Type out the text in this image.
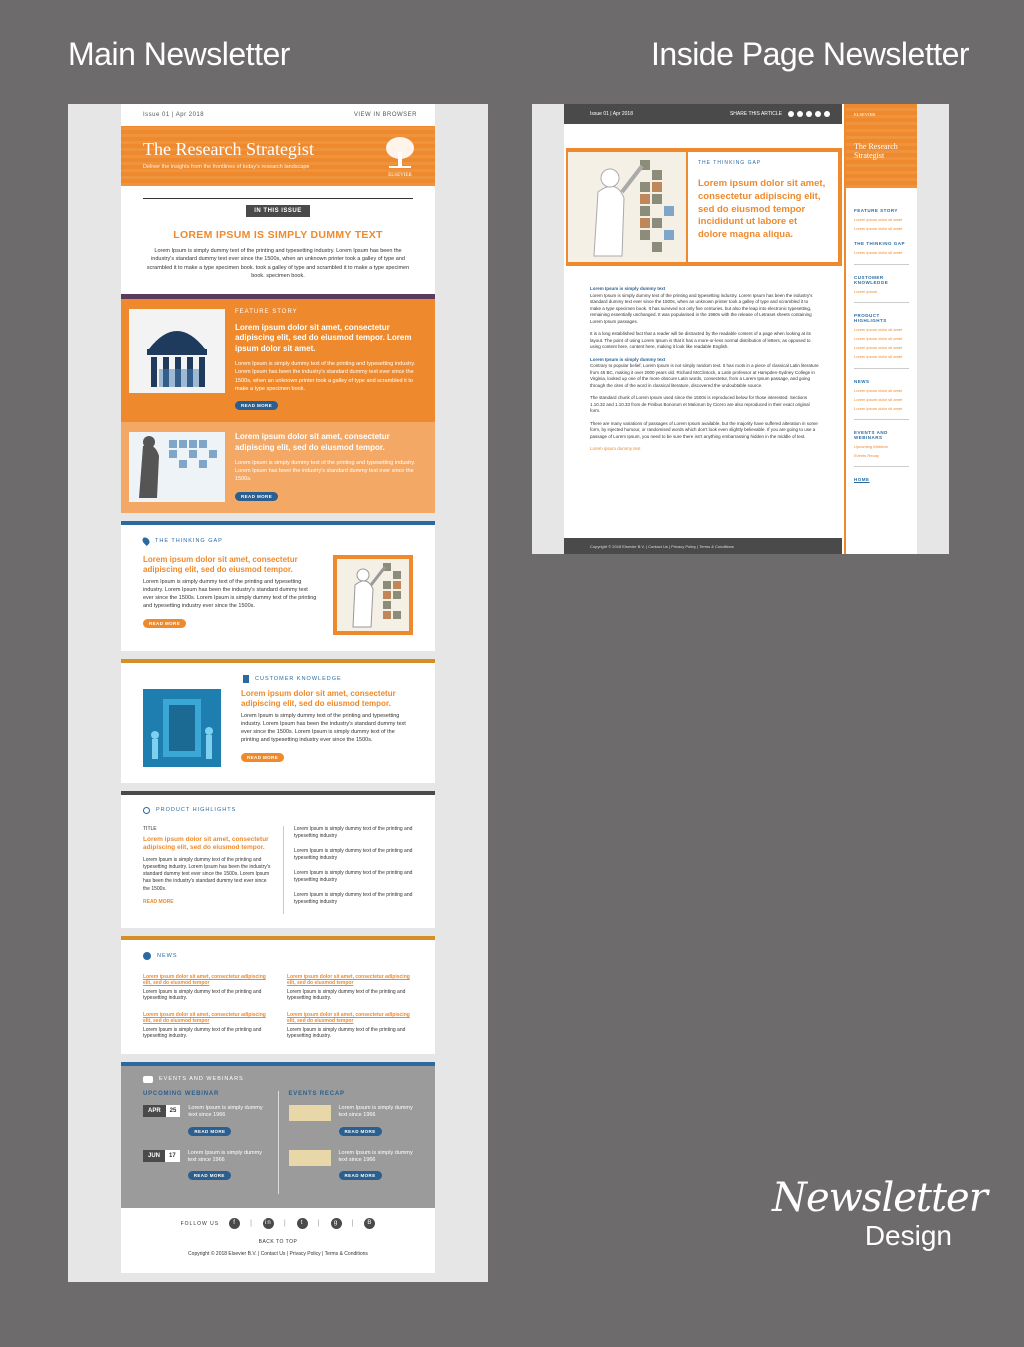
Main Newsletter	Inside Page Newsletter
Issue 01 | Apr 2018	VIEW IN BROWSER
The Research Strategist
Deliver the insights from the frontlines of today's research landscape
ELSEVIER
IN THIS ISSUE
LOREM IPSUM IS SIMPLY DUMMY TEXT

Lorem Ipsum is simply dummy text of the printing and typesetting industry. Lorem Ipsum has been the industry's standard dummy text ever since the 1500s, when an unknown printer took a galley of type and scrambled it to make a type specimen book. took a galley of type and scrambled it to make a type specimen book. specimen book.

FEATURE STORY
Lorem ipsum dolor sit amet, consectetur adipiscing elit, sed do eiusmod tempor. Lorem ipsum dolor sit amet.

Lorem Ipsum is simply dummy text of the printing and typesetting industry. Lorem Ipsum has been the industry's standard dummy text ever since the 1500s, when an unknown printer took a galley of type and scrambled it to make a type specimen book.

READ MORE
Lorem ipsum dolor sit amet, consectetur adipiscing elit, sed do eiusmod tempor.

Lorem Ipsum is simply dummy text of the printing and typesetting industry. Lorem Ipsum has been the industry's standard dummy text ever since the 1500s.

READ MORE
THE THINKING GAP
Lorem ipsum dolor sit amet, consectetur adipiscing elit, sed do eiusmod tempor.
Lorem Ipsum is simply dummy text of the printing and typesetting industry. Lorem Ipsum has been the industry's standard dummy text ever since the 1500s. Lorem Ipsum is simply dummy text of the printing and typesetting industry ever since the 1500s.
READ MORE
CUSTOMER KNOWLEDGE
Lorem ipsum dolor sit amet, consectetur adipiscing elit, sed do eiusmod tempor.
Lorem Ipsum is simply dummy text of the printing and typesetting industry. Lorem Ipsum has been the industry's standard dummy text ever since the 1500s. Lorem Ipsum is simply dummy text of the printing and typesetting industry ever since the 1500s.
READ MORE
PRODUCT HIGHLIGHTS
TITLE
Lorem ipsum dolor sit amet, consectetur adipiscing elit, sed do eiusmod tempor.
Lorem Ipsum is simply dummy text of the printing and typesetting industry. Lorem Ipsum has been the industry's standard dummy text ever since the 1500s. Lorem Ipsum has been the industry's standard dummy text ever since the 1500s.
READ MORE
Lorem Ipsum is simply dummy text of the printing and typesetting industry
Lorem Ipsum is simply dummy text of the printing and typesetting industry
Lorem Ipsum is simply dummy text of the printing and typesetting industry
Lorem Ipsum is simply dummy text of the printing and typesetting industry
NEWS
Lorem ipsum dolor sit amet, consectetur adipiscing elit, sed do eiusmod tempor
Lorem Ipsum is simply dummy text of the printing and typesetting industry.
Lorem ipsum dolor sit amet, consectetur adipiscing elit, sed do eiusmod tempor
Lorem Ipsum is simply dummy text of the printing and typesetting industry.
Lorem ipsum dolor sit amet, consectetur adipiscing elit, sed do eiusmod tempor
Lorem Ipsum is simply dummy text of the printing and typesetting industry.
Lorem ipsum dolor sit amet, consectetur adipiscing elit, sed do eiusmod tempor
Lorem Ipsum is simply dummy text of the printing and typesetting industry.
EVENTS AND WEBINARS
UPCOMING WEBINAR
APR	25	Lorem Ipsum is simply dummy text since 1966
READ MORE
JUN	17	Lorem Ipsum is simply dummy text since 1966
READ MORE
EVENTS RECAP
Lorem Ipsum is simply dummy text since 1966
READ MORE
Lorem Ipsum is simply dummy text since 1966
READ MORE
FOLLOW US	f	|	in	|	t	|	g	|	B
BACK TO TOP
Copyright © 2018 Elsevier B.V. | Contact Us | Privacy Policy | Terms & Conditions
Issue 01 | Apr 2018	SHARE THIS ARTICLE
THE THINKING GAP
Lorem ipsum dolor sit amet, consectetur adipiscing elit, sed do eiusmod tempor incididunt ut labore et dolore magna aliqua.
Lorem Ipsum is simply dummy text

Lorem Ipsum is simply dummy text of the printing and typesetting industry. Lorem Ipsum has been the industry's standard dummy text ever since the 1500s, when an unknown printer took a galley of type and scrambled it to make a type specimen book. It has survived not only five centuries, but also the leap into electronic typesetting, remaining essentially unchanged. It was popularised in the 1960s with the release of Letraset sheets containing Lorem Ipsum passages.

It is a long established fact that a reader will be distracted by the readable content of a page when looking at its layout. The point of using Lorem Ipsum is that it has a more-or-less normal distribution of letters, as opposed to using content here, content here, making it look like readable English.

Lorem Ipsum is simply dummy text

Contrary to popular belief, Lorem Ipsum is not simply random text. It has roots in a piece of classical Latin literature from 45 BC, making it over 2000 years old. Richard McClintock, a Latin professor at Hampden-Sydney College in Virginia, looked up one of the more obscure Latin words, consectetur, from a Lorem Ipsum passage, and going through the cites of the word in classical literature, discovered the undoubtable source.

The standard chunk of Lorem Ipsum used since the 1500s is reproduced below for those interested. Sections 1.10.32 and 1.10.33 from de Finibus Bonorum et Malorum by Cicero are also reproduced in their exact original form.

There are many variations of passages of Lorem Ipsum available, but the majority have suffered alteration in some form, by injected humour, or randomised words which don't look even slightly believable. If you are going to use a passage of Lorem Ipsum, you need to be sure there isn't anything embarrassing hidden in the middle of text.

Lorem ipsum dummy text

Copyright © 2018 Elsevier B.V. | Contact Us | Privacy Policy | Terms & Conditions
ELSEVIER
The Research Strategist
FEATURE STORY
Lorem ipsum dolor sit amet
Lorem ipsum dolor sit amet
THE THINKING GAP
Lorem ipsum dolor sit amet
CUSTOMER KNOWLEDGE
Lorem ipsum
PRODUCT HIGHLIGHTS
Lorem ipsum dolor sit amet
Lorem ipsum dolor sit amet
Lorem ipsum dolor sit amet
Lorem ipsum dolor sit amet
NEWS
Lorem ipsum dolor sit amet
Lorem ipsum dolor sit amet
Lorem ipsum dolor sit amet
EVENTS AND WEBINARS
Upcoming Webinar
Events Recap
HOME
Newsletter
Design
